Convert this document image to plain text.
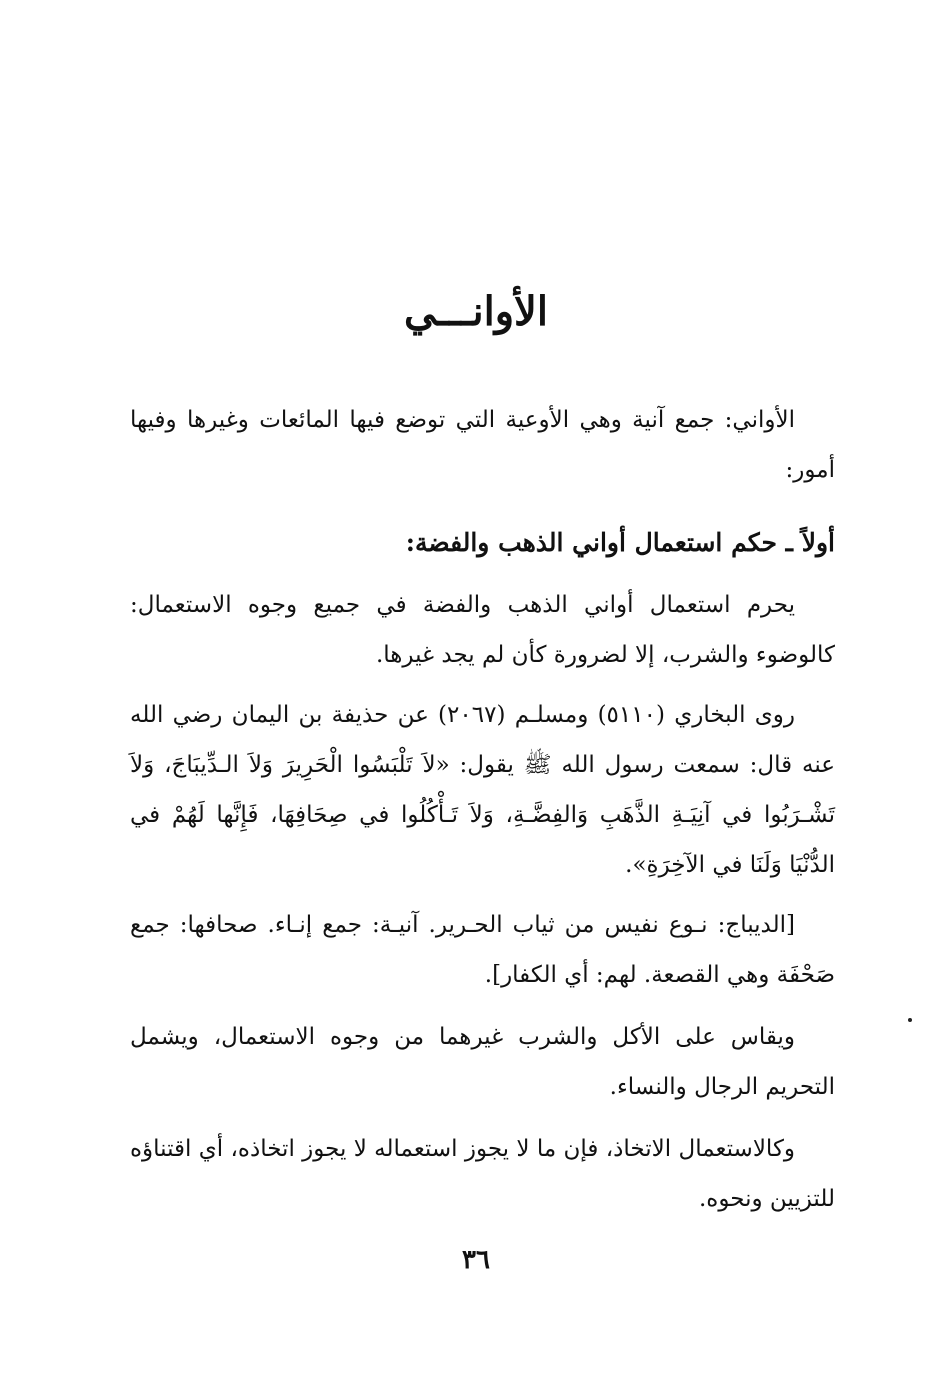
الأوانـــي
الأواني: جمع آنية وهي الأوعية التي توضع فيها المائعات وغيرها وفيها أمور:
أولاً ـ حكم استعمال أواني الذهب والفضة:
يحرم استعمال أواني الذهب والفضة في جميع وجوه الاستعمال: كالوضوء والشرب، إلا لضرورة كأن لم يجد غيرها.
روى البخاري (٥١١٠) ومسلـم (٢٠٦٧) عن حذيفة بن اليمان رضي الله عنه قال: سمعت رسول الله ﷺ يقول: «لاَ تَلْبَسُوا الْحَرِيرَ وَلاَ الـدِّيبَاجَ، وَلاَ تَشْـرَبُوا في آنِيَـةِ الذَّهَبِ وَالفِضَّـةِ، وَلاَ تَـأْكُلُوا في صِحَافِهَا، فَإِنَّها لَهُمْ في الدُّنْيَا وَلَنَا في الآخِرَةِ».
[الديباج: نـوع نفيس من ثياب الحـرير. آنيـة: جمع إنـاء. صحافها: جمع صَحْفَة وهي القصعة. لهم: أي الكفار].
ويقاس على الأكل والشرب غيرهما من وجوه الاستعمال، ويشمل التحريم الرجال والنساء.
وكالاستعمال الاتخاذ، فإن ما لا يجوز استعماله لا يجوز اتخاذه، أي اقتناؤه للتزيين ونحوه.
٣٦
